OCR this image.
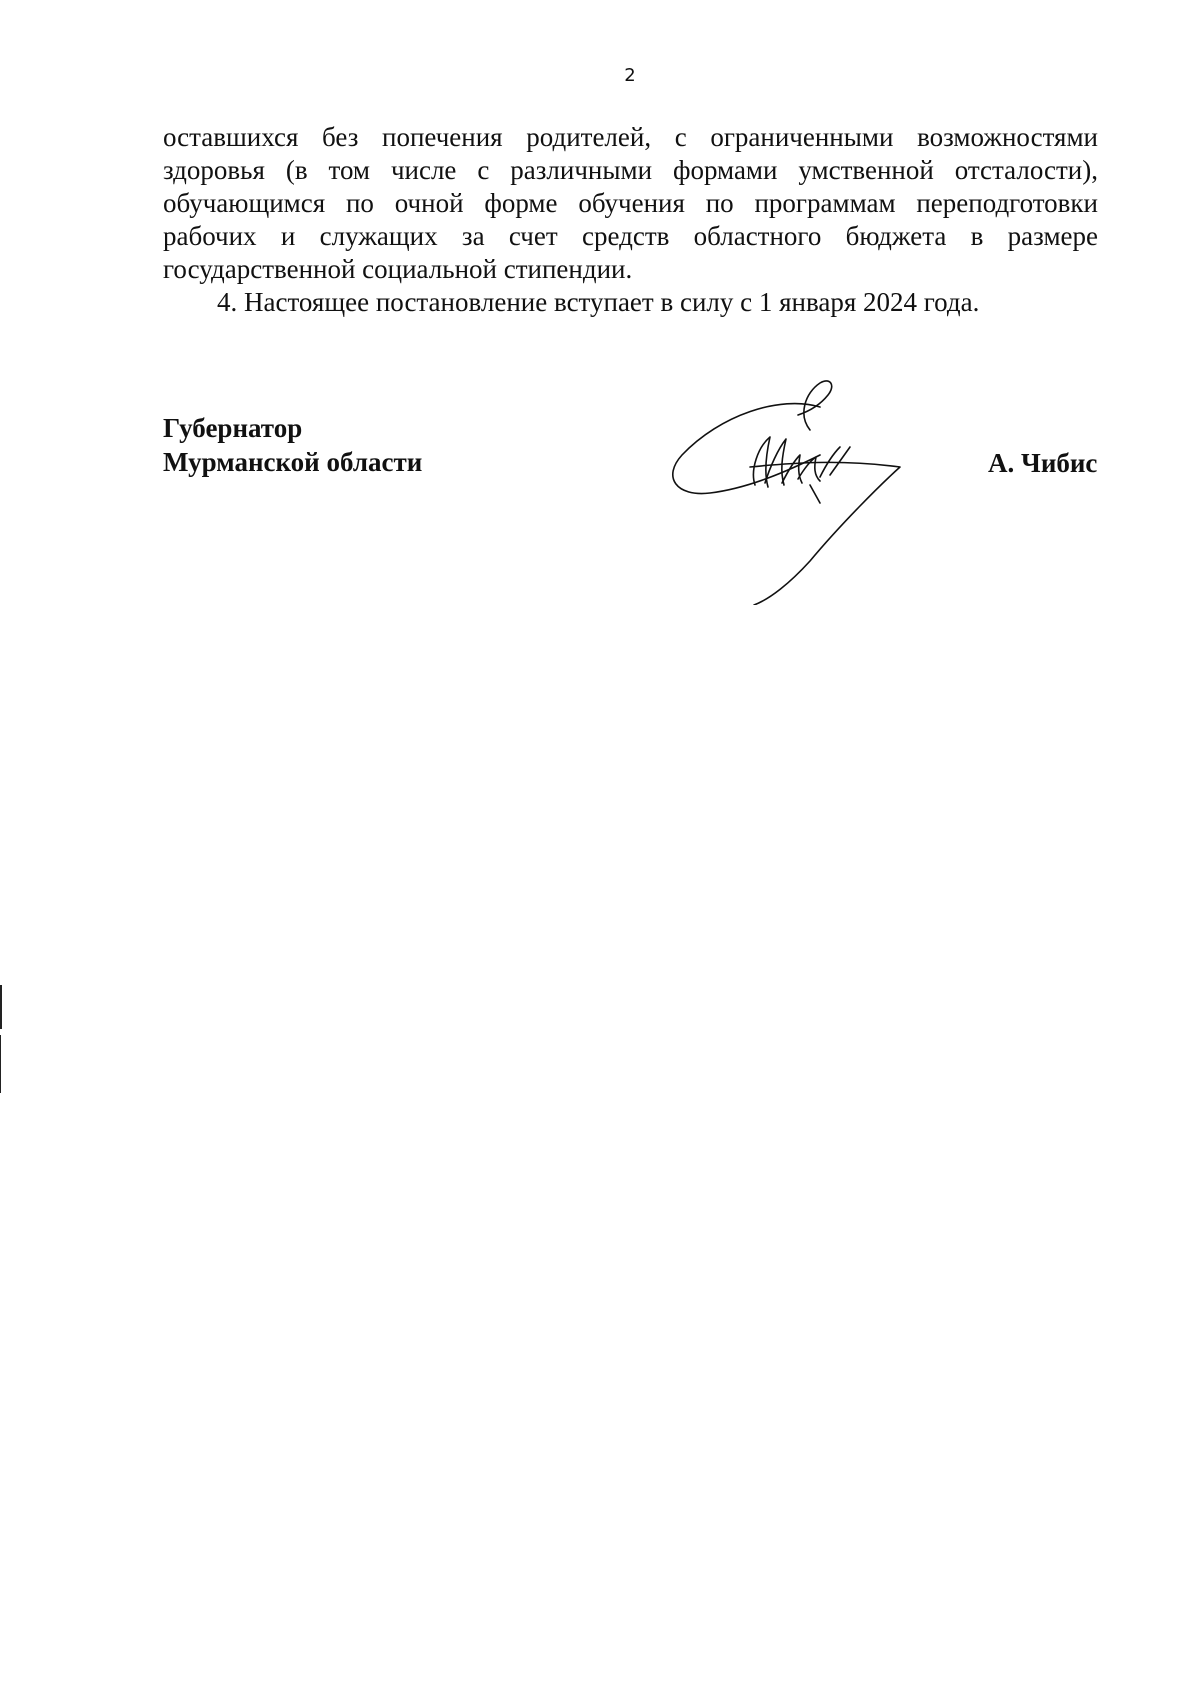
2

оставшихся без попечения родителей, с ограниченными возможностями
здоровья (в том числе с различными формами умственной отсталости),
обучающимся по очной форме обучения по программам переподготовки
рабочих и служащих за счет средств областного бюджета в размере
государственной социальной стипендии.

4. Настоящее постановление вступает в силу с 1 января 2024 года.

Губернатор
Мурманской области	А. Чибис
